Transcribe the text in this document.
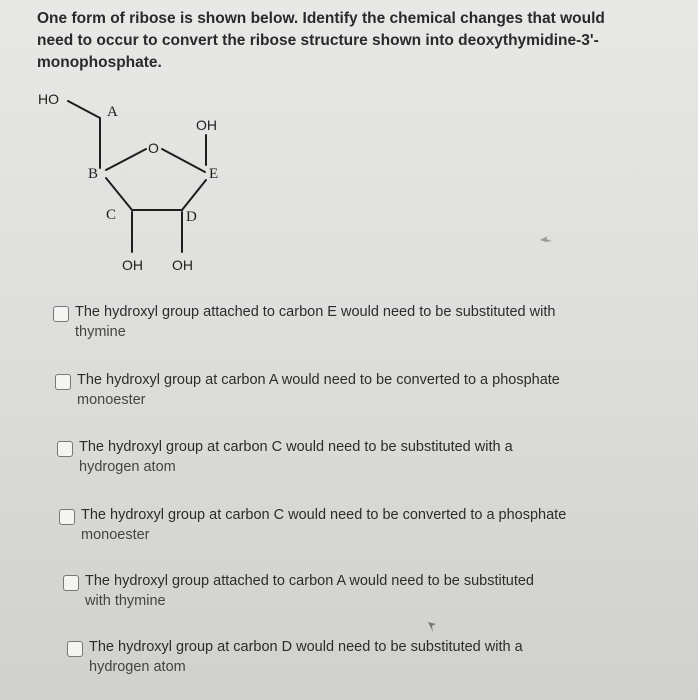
One form of ribose is shown below. Identify the chemical changes that would
need to occur to convert the ribose structure shown into deoxythymidine-3'-
monophosphate.
HO
A
OH
O
B	E
C	D
OH OH
The hydroxyl group attached to carbon E would need to be substituted with
thymine
The hydroxyl group at carbon A would need to be converted to a phosphate
monoester
The hydroxyl group at carbon C would need to be substituted with a
hydrogen atom
The hydroxyl group at carbon C would need to be converted to a phosphate
monoester
The hydroxyl group attached to carbon A would need to be substituted
with thymine
The hydroxyl group at carbon D would need to be substituted with a
hydrogen atom
